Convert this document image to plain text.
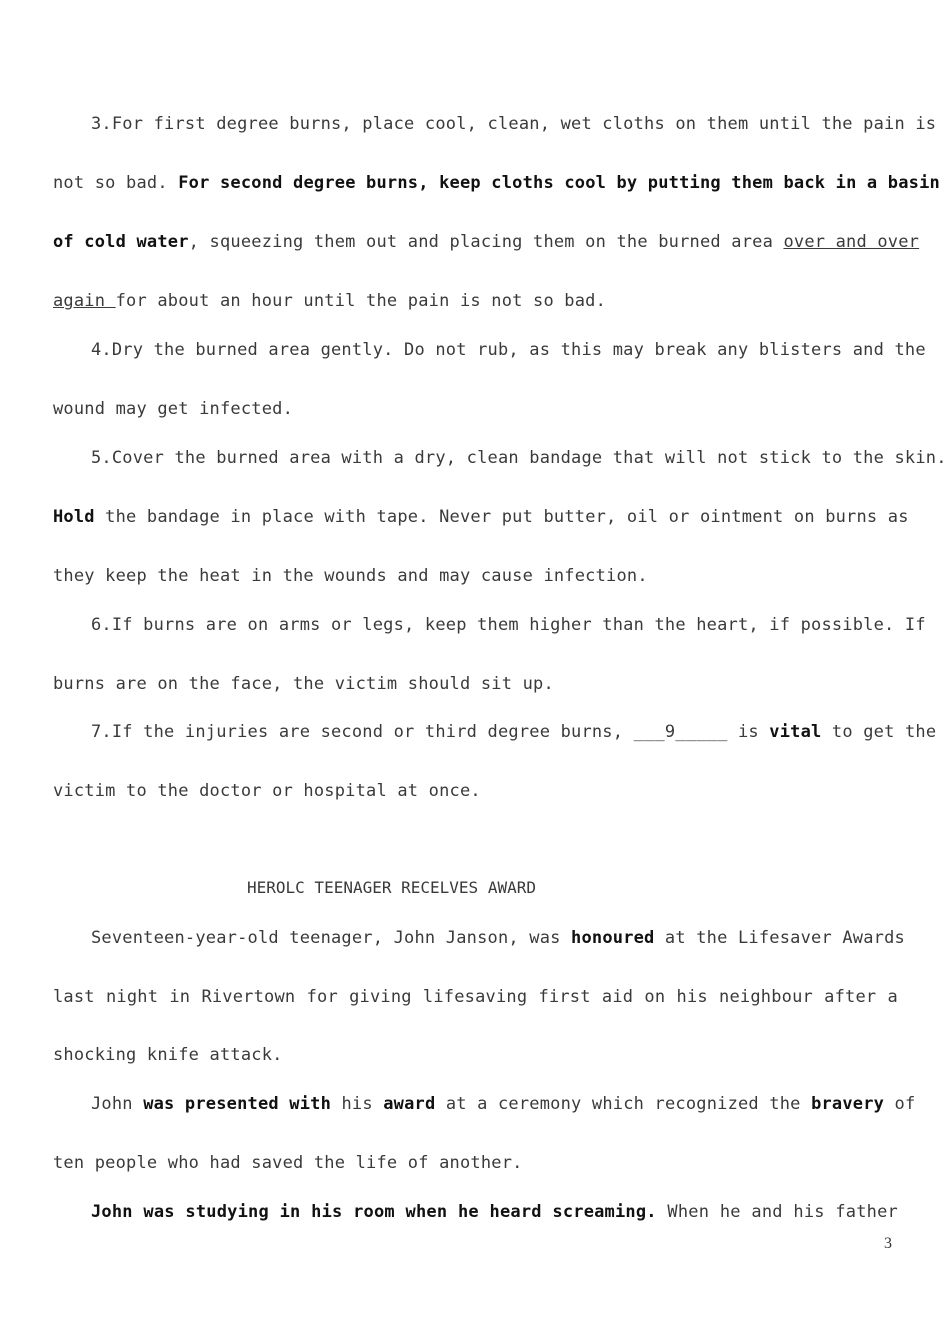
3.For first degree burns, place cool, clean, wet cloths on them until the pain is
not so bad. For second degree burns, keep cloths cool by putting them back in a basin
of cold water, squeezing them out and placing them on the burned area over and over
again for about an hour until the pain is not so bad.
4.Dry the burned area gently. Do not rub, as this may break any blisters and the
wound may get infected.
5.Cover the burned area with a dry, clean bandage that will not stick to the skin.
Hold the bandage in place with tape. Never put butter, oil or ointment on burns as
they keep the heat in the wounds and may cause infection.
6.If burns are on arms or legs, keep them higher than the heart, if possible. If
burns are on the face, the victim should sit up.
7.If the injuries are second or third degree burns, ___9_____ is vital to get the
victim to the doctor or hospital at once.
HEROLC TEENAGER RECELVES AWARD
Seventeen-year-old teenager, John Janson, was honoured at the Lifesaver Awards
last night in Rivertown for giving lifesaving first aid on his neighbour after a
shocking knife attack.
John was presented with his award at a ceremony which recognized the bravery of
ten people who had saved the life of another.
John was studying in his room when he heard screaming. When he and his father
3
